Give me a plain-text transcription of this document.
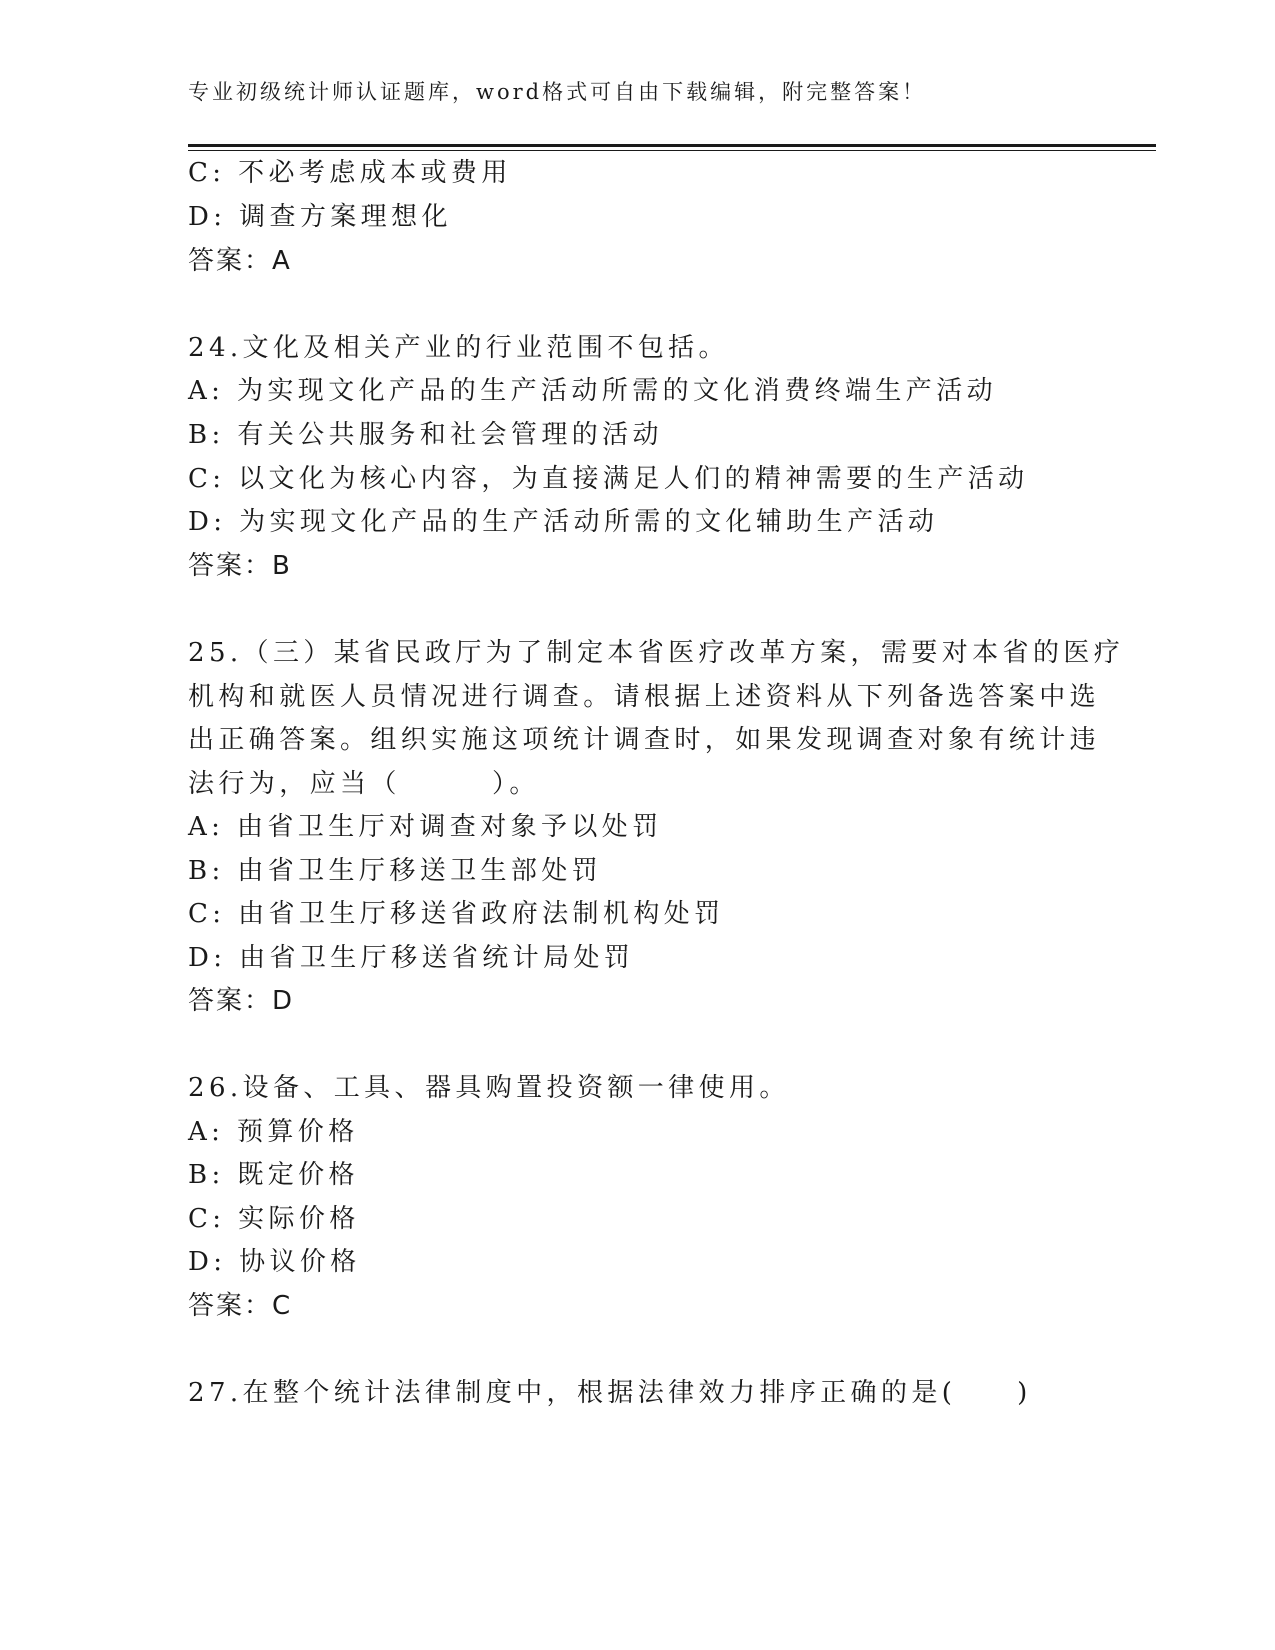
专业初级统计师认证题库，word格式可自由下载编辑，附完整答案！
C: 不必考虑成本或费用
D: 调查方案理想化
答案：A
24.文化及相关产业的行业范围不包括。
A: 为实现文化产品的生产活动所需的文化消费终端生产活动
B: 有关公共服务和社会管理的活动
C: 以文化为核心内容，为直接满足人们的精神需要的生产活动
D: 为实现文化产品的生产活动所需的文化辅助生产活动
答案：B
25.（三）某省民政厅为了制定本省医疗改革方案，需要对本省的医疗
机构和就医人员情况进行调查。请根据上述资料从下列备选答案中选
出正确答案。组织实施这项统计调查时，如果发现调查对象有统计违
法行为，应当（　　　）。
A: 由省卫生厅对调查对象予以处罚
B: 由省卫生厅移送卫生部处罚
C: 由省卫生厅移送省政府法制机构处罚
D: 由省卫生厅移送省统计局处罚
答案：D
26.设备、工具、器具购置投资额一律使用。
A: 预算价格
B: 既定价格
C: 实际价格
D: 协议价格
答案：C
27.在整个统计法律制度中，根据法律效力排序正确的是(　　)
